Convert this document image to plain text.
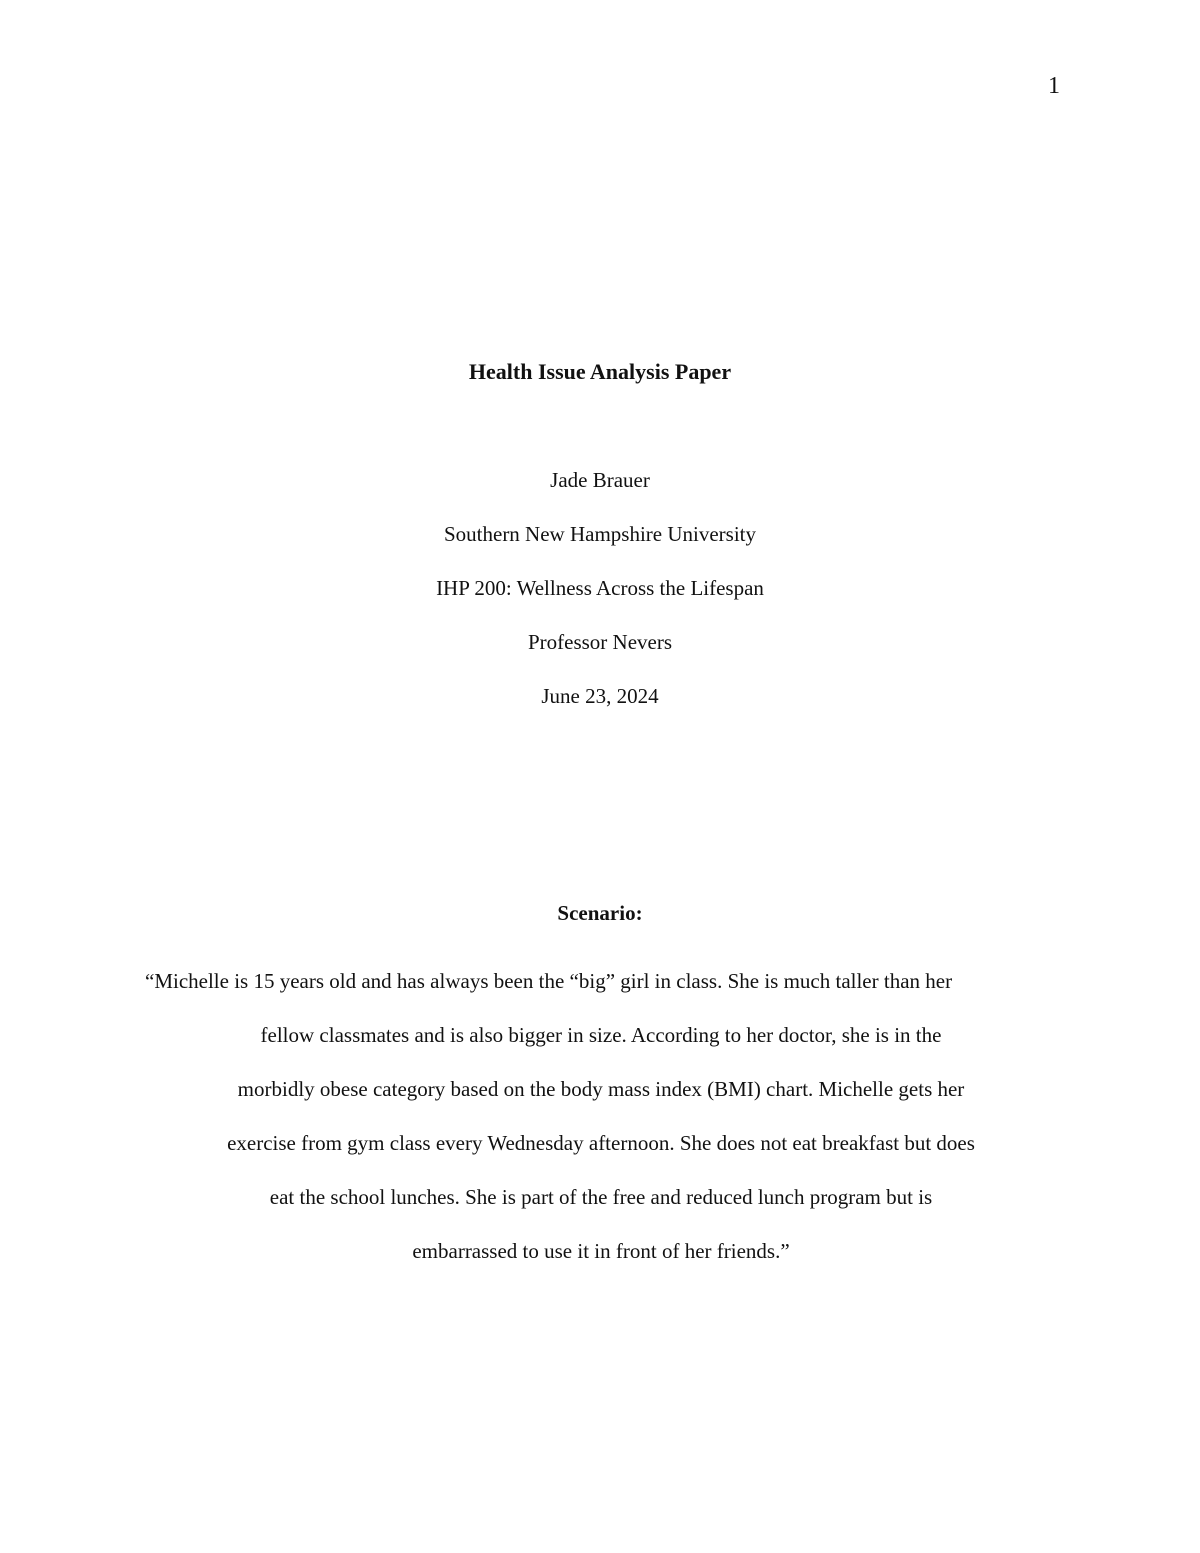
1
Health Issue Analysis Paper
Jade Brauer
Southern New Hampshire University
IHP 200: Wellness Across the Lifespan
Professor Nevers
June 23, 2024
Scenario:
“Michelle is 15 years old and has always been the “big” girl in class. She is much taller than her
fellow classmates and is also bigger in size. According to her doctor, she is in the
morbidly obese category based on the body mass index (BMI) chart. Michelle gets her
exercise from gym class every Wednesday afternoon. She does not eat breakfast but does
eat the school lunches. She is part of the free and reduced lunch program but is
embarrassed to use it in front of her friends.”
